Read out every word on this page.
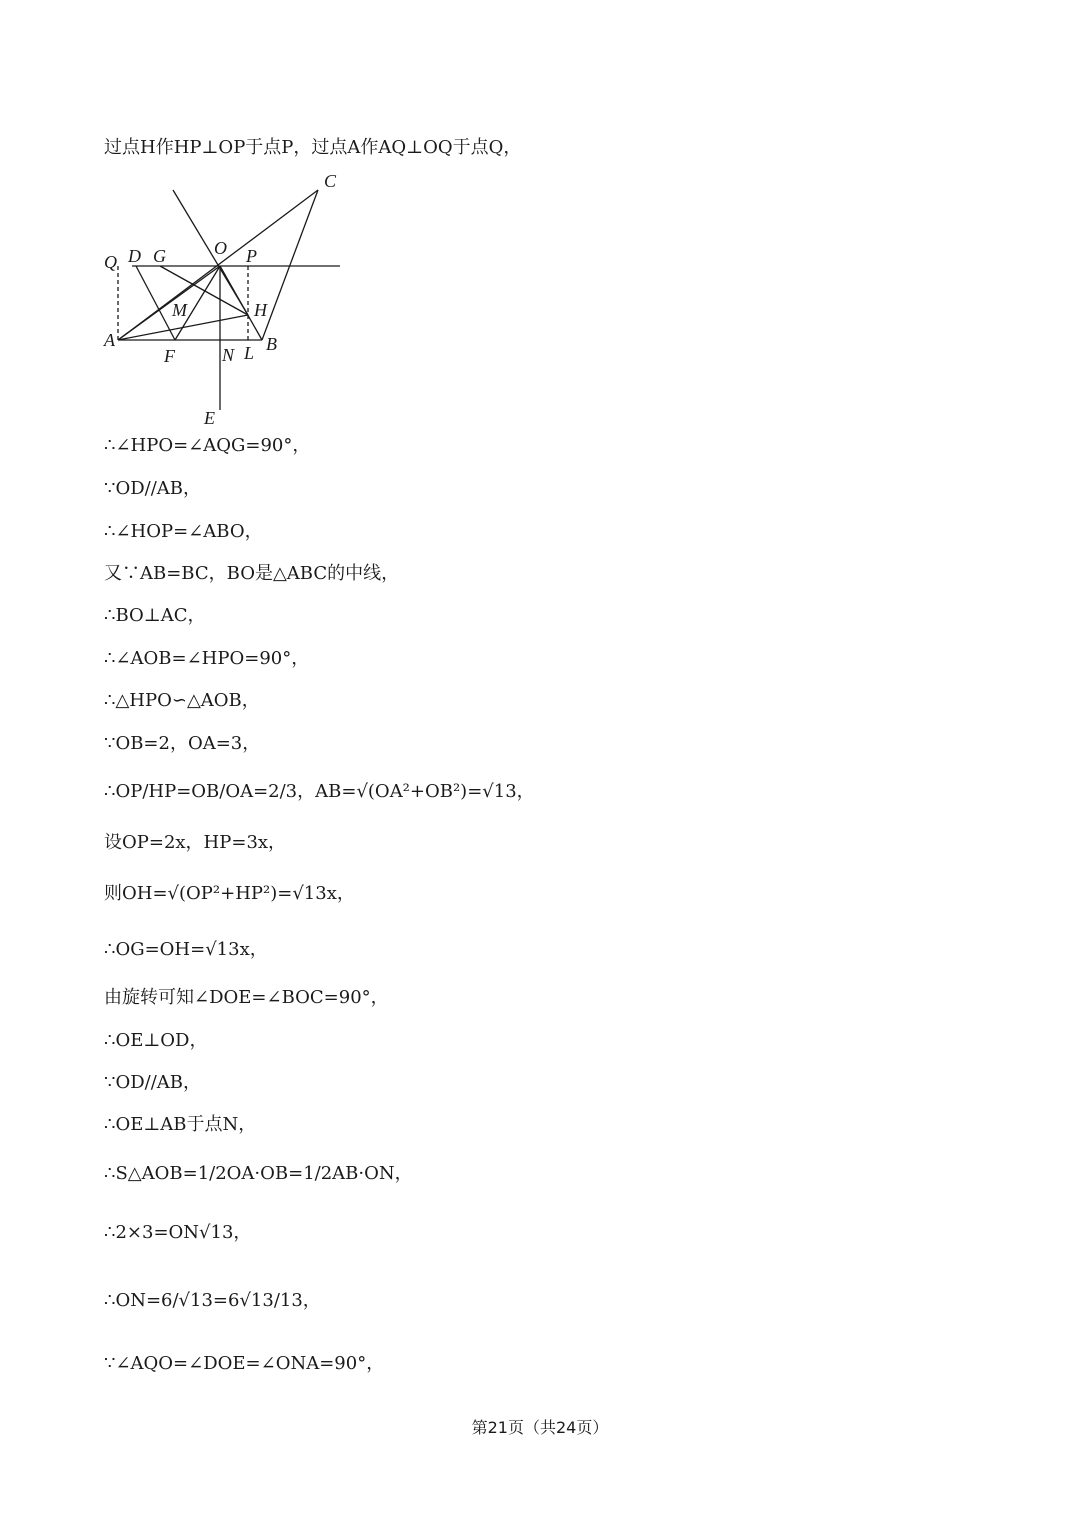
过点H作HP⊥OP于点P，过点A作AQ⊥OQ于点Q，
C
Q D G	O P
M	H
A
F	N L B
E
∴∠HPO=∠AQG=90°，
∵OD//AB，
∴∠HOP=∠ABO，
又∵AB=BC，BO是△ABC的中线，
∴BO⊥AC，
∴∠AOB=∠HPO=90°，
∴△HPO∽△AOB，
∵OB=2，OA=3，
∴OP/HP=OB/OA=2/3，AB=√(OA²+OB²)=√13，
设OP=2x，HP=3x，
则OH=√(OP²+HP²)=√13x，
∴OG=OH=√13x，
由旋转可知∠DOE=∠BOC=90°，
∴OE⊥OD，
∵OD//AB，
∴OE⊥AB于点N，
∴S△AOB=1/2OA·OB=1/2AB·ON，
∴2×3=ON√13，
∴ON=6/√13=6√13/13，
∵∠AQO=∠DOE=∠ONA=90°，
第21页（共24页）
